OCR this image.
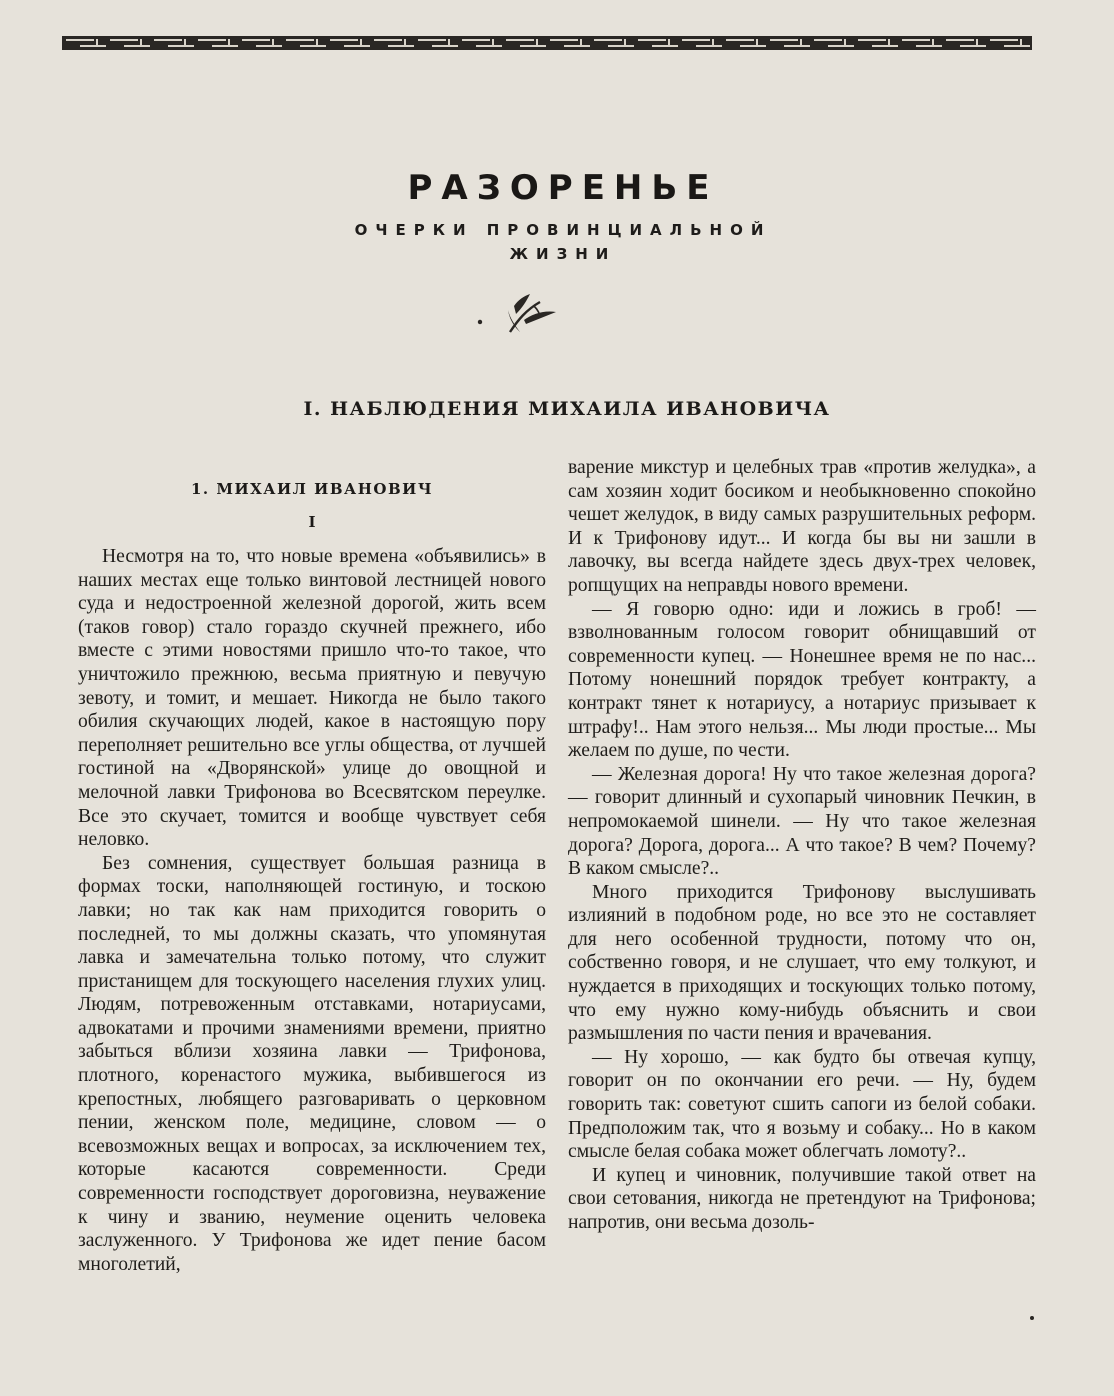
РАЗОРЕНЬЕ
ОЧЕРКИ ПРОВИНЦИАЛЬНОЙ
ЖИЗНИ
I. НАБЛЮДЕНИЯ МИХАИЛА ИВАНОВИЧА
1. МИХАИЛ ИВАНОВИЧ
I

Несмотря на то, что новые времена «объявились» в наших местах еще только винтовой лестницей нового суда и недостроенной железной дорогой, жить всем (таков говор) стало гораздо скучней прежнего, ибо вместе с этими новостями пришло что-то такое, что уничтожило прежнюю, весьма приятную и певучую зевоту, и томит, и мешает. Никогда не было такого обилия скучающих людей, какое в настоящую пору переполняет решительно все углы общества, от лучшей гостиной на «Дворянской» улице до овощной и мелочной лавки Трифонова во Всесвятском переулке. Все это скучает, томится и вообще чувствует себя неловко.

Без сомнения, существует большая разница в формах тоски, наполняющей гостиную, и тоскою лавки; но так как нам приходится говорить о последней, то мы должны сказать, что упомянутая лавка и замечательна только потому, что служит пристанищем для тоскующего населения глухих улиц. Людям, потревоженным отставками, нотариусами, адвокатами и прочими знамениями времени, приятно забыться вблизи хозяина лавки — Трифонова, плотного, коренастого мужика, выбившегося из крепостных, любящего разговаривать о церковном пении, женском поле, медицине, словом — о всевозможных вещах и вопросах, за исключением тех, которые касаются современности. Среди современности господствует дороговизна, неуважение к чину и званию, неумение оценить человека заслуженного. У Трифонова же идет пение басом многолетий,

варение микстур и целебных трав «против желудка», а сам хозяин ходит босиком и необыкновенно спокойно чешет желудок, в виду самых разрушительных реформ. И к Трифонову идут... И когда бы вы ни зашли в лавочку, вы всегда найдете здесь двух-трех человек, ропщущих на неправды нового времени.

— Я говорю одно: иди и ложись в гроб! — взволнованным голосом говорит обнищавший от современности купец. — Нонешнее время не по нас... Потому нонешний порядок требует контракту, а контракт тянет к нотариусу, а нотариус призывает к штрафу!.. Нам этого нельзя... Мы люди простые... Мы желаем по душе, по чести.

— Железная дорога! Ну что такое железная дорога? — говорит длинный и сухопарый чиновник Печкин, в непромокаемой шинели. — Ну что такое железная дорога? Дорога, дорога... А что такое? В чем? Почему? В каком смысле?..

Много приходится Трифонову выслушивать излияний в подобном роде, но все это не составляет для него особенной трудности, потому что он, собственно говоря, и не слушает, что ему толкуют, и нуждается в приходящих и тоскующих только потому, что ему нужно кому-нибудь объяснить и свои размышления по части пения и врачевания.

— Ну хорошо, — как будто бы отвечая купцу, говорит он по окончании его речи. — Ну, будем говорить так: советуют сшить сапоги из белой собаки. Предположим так, что я возьму и собаку... Но в каком смысле белая собака может облегчать ломоту?..

И купец и чиновник, получившие такой ответ на свои сетования, никогда не претендуют на Трифонова; напротив, они весьма дозоль-
